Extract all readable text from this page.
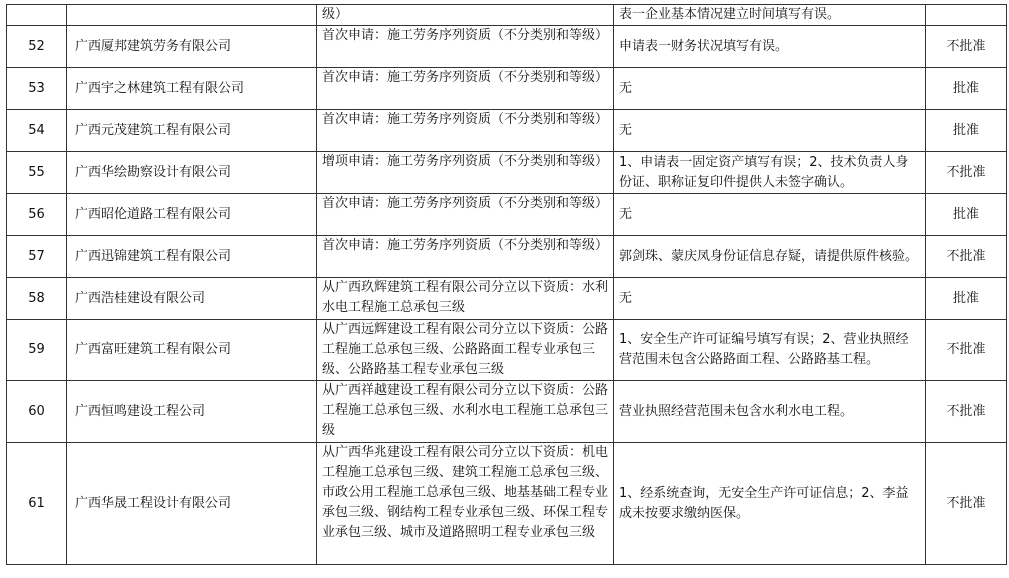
		级）	表一企业基本情况建立时间填写有误。	
52	广西厦邦建筑劳务有限公司	首次申请：施工劳务序列资质（不分类别和等级）	申请表一财务状况填写有误。	不批准
53	广西宇之林建筑工程有限公司	首次申请：施工劳务序列资质（不分类别和等级）	无	批准
54	广西元茂建筑工程有限公司	首次申请：施工劳务序列资质（不分类别和等级）	无	批准
55	广西华绘勘察设计有限公司	增项申请：施工劳务序列资质（不分类别和等级）	1、申请表一固定资产填写有误；2、技术负责人身份证、职称证复印件提供人未签字确认。	不批准
56	广西昭伦道路工程有限公司	首次申请：施工劳务序列资质（不分类别和等级）	无	批准
57	广西迅锦建筑工程有限公司	首次申请：施工劳务序列资质（不分类别和等级）	郭剑珠、蒙庆凤身份证信息存疑，请提供原件核验。	不批准
58	广西浩桂建设有限公司	从广西玖辉建筑工程有限公司分立以下资质：水利水电工程施工总承包三级	无	批准
59	广西富旺建筑工程有限公司	从广西远辉建设工程有限公司分立以下资质：公路工程施工总承包三级、公路路面工程专业承包三级、公路路基工程专业承包三级	1、安全生产许可证编号填写有误；2、营业执照经营范围未包含公路路面工程、公路路基工程。	不批准
60	广西恒鸣建设工程公司	从广西祥越建设工程有限公司分立以下资质：公路工程施工总承包三级、水利水电工程施工总承包三级	营业执照经营范围未包含水利水电工程。	不批准
61	广西华晟工程设计有限公司	从广西华兆建设工程有限公司分立以下资质：机电工程施工总承包三级、建筑工程施工总承包三级、市政公用工程施工总承包三级、地基基础工程专业承包三级、钢结构工程专业承包三级、环保工程专业承包三级、城市及道路照明工程专业承包三级	1、经系统查询，无安全生产许可证信息；2、李益成未按要求缴纳医保。	不批准
